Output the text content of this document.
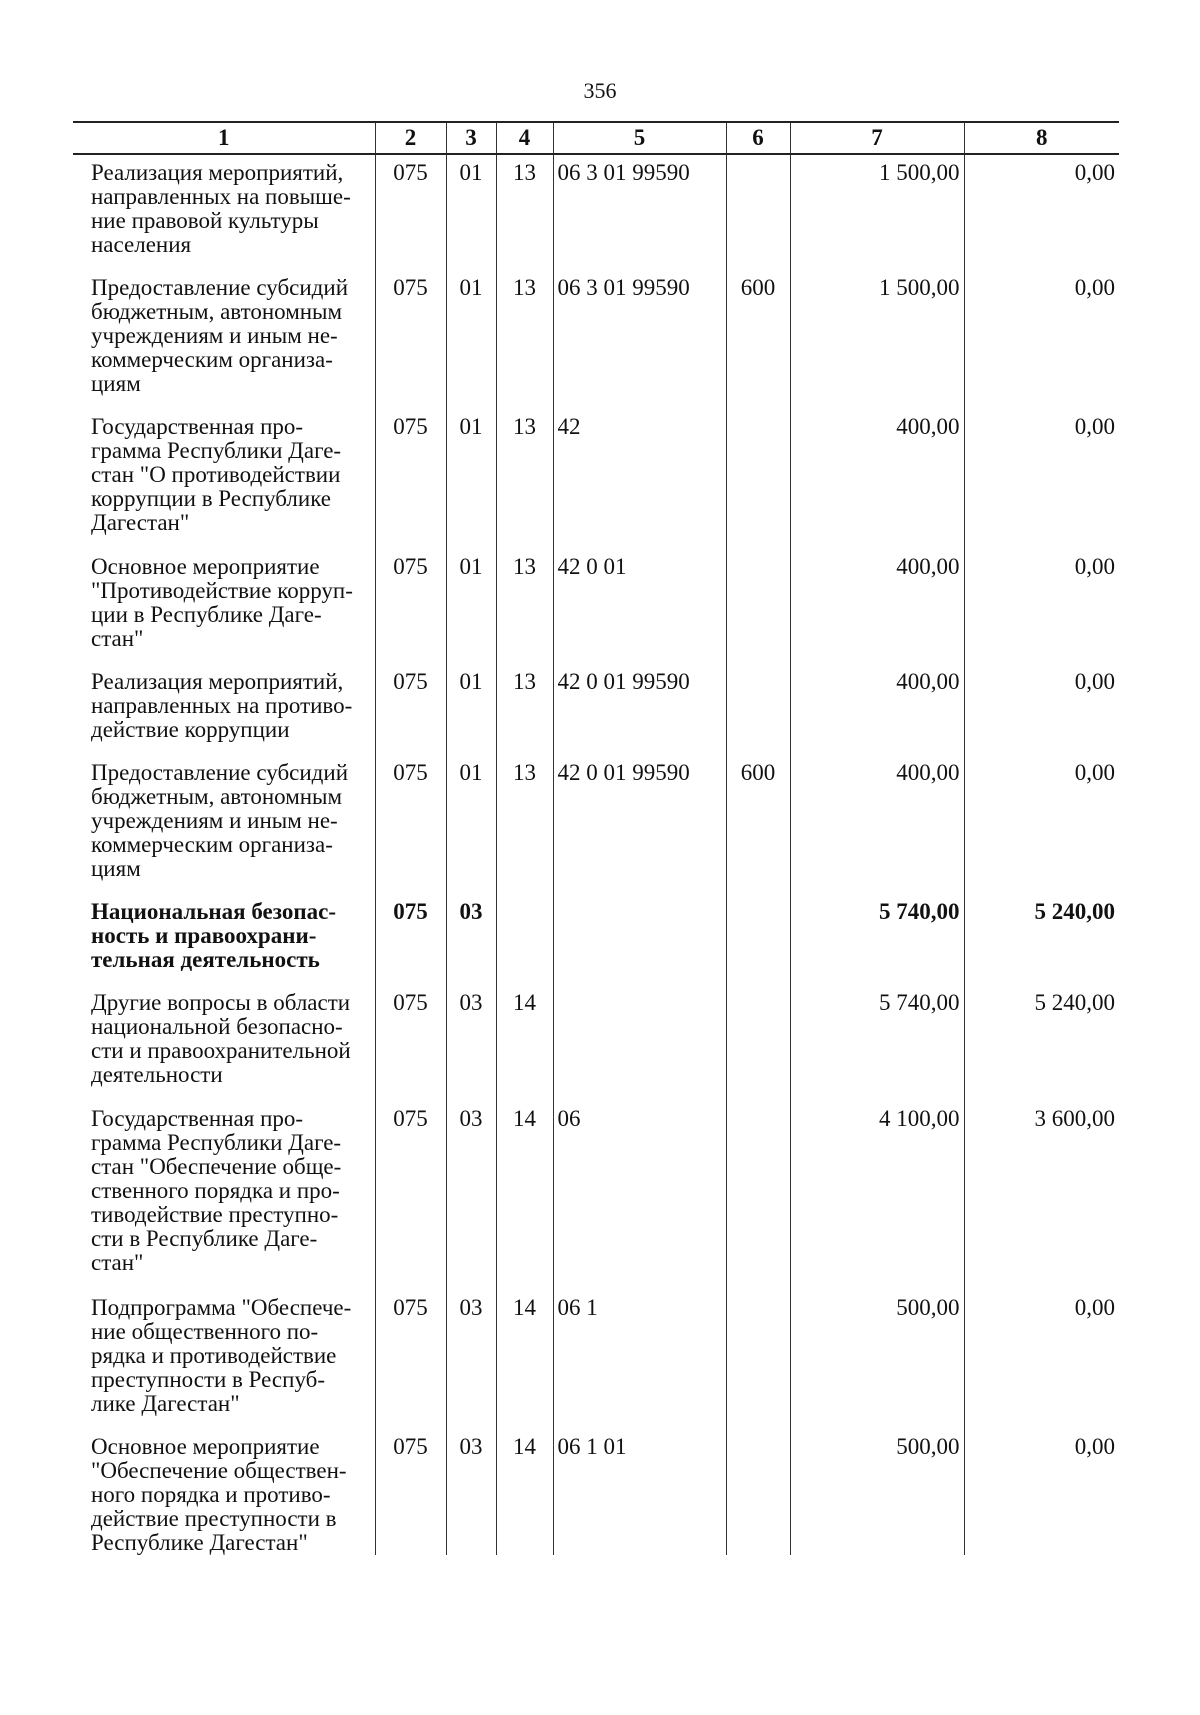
356
1	2	3	4	5	6	7	8
Реализация мероприятий, направленных на повыше-ние правовой культуры населения	075	01	13	06 3 01 99590		1 500,00	0,00
Предоставление субсидий бюджетным, автономным учреждениям и иным не-коммерческим организа-циям	075	01	13	06 3 01 99590	600	1 500,00	0,00
Государственная про-грамма Республики Даге-стан "О противодействии коррупции в Республике Дагестан"	075	01	13	42		400,00	0,00
Основное мероприятие "Противодействие корруп-ции в Республике Даге-стан"	075	01	13	42 0 01		400,00	0,00
Реализация мероприятий, направленных на противо-действие коррупции	075	01	13	42 0 01 99590		400,00	0,00
Предоставление субсидий бюджетным, автономным учреждениям и иным не-коммерческим организа-циям	075	01	13	42 0 01 99590	600	400,00	0,00
Национальная безопас-ность и правоохрани-тельная деятельность	075	03				5 740,00	5 240,00
Другие вопросы в области национальной безопасно-сти и правоохранительной деятельности	075	03	14			5 740,00	5 240,00
Государственная про-грамма Республики Даге-стан "Обеспечение обще-ственного порядка и про-тиводействие преступно-сти в Республике Даге-стан"	075	03	14	06		4 100,00	3 600,00
Подпрограмма "Обеспече-ние общественного по-рядка и противодействие преступности в Респуб-лике Дагестан"	075	03	14	06 1		500,00	0,00
Основное мероприятие "Обеспечение обществен-ного порядка и противо-действие преступности в Республике Дагестан"	075	03	14	06 1 01		500,00	0,00
